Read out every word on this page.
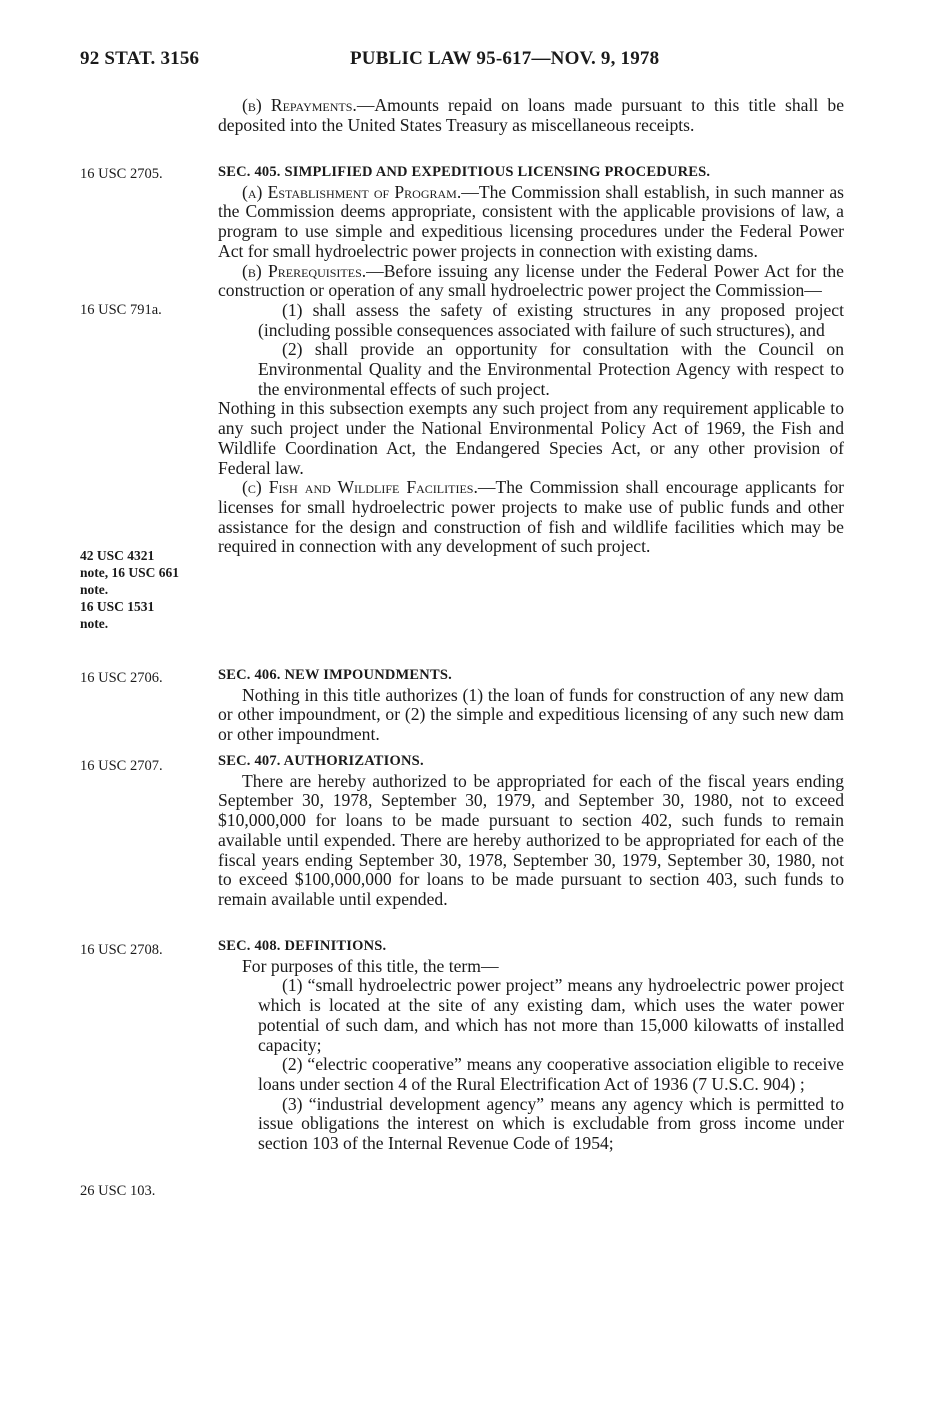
92 STAT. 3156	PUBLIC LAW 95-617—NOV. 9, 1978
16 USC 2705.
16 USC 791a.
42 USC 4321
note, 16 USC 661
note.
16 USC 1531
note.
16 USC 2706.
16 USC 2707.
16 USC 2708.
26 USC 103.

(b) Repayments.—Amounts repaid on loans made pursuant to this title shall be deposited into the United States Treasury as miscellaneous receipts.

SEC. 405. SIMPLIFIED AND EXPEDITIOUS LICENSING PROCEDURES.

(a) Establishment of Program.—The Commission shall establish, in such manner as the Commission deems appropriate, consistent with the applicable provisions of law, a program to use simple and expeditious licensing procedures under the Federal Power Act for small hydroelectric power projects in connection with existing dams.

(b) Prerequisites.—Before issuing any license under the Federal Power Act for the construction or operation of any small hydroelectric power project the Commission—

(1) shall assess the safety of existing structures in any proposed project (including possible consequences associated with failure of such structures), and

(2) shall provide an opportunity for consultation with the Council on Environmental Quality and the Environmental Protection Agency with respect to the environmental effects of such project.

Nothing in this subsection exempts any such project from any requirement applicable to any such project under the National Environmental Policy Act of 1969, the Fish and Wildlife Coordination Act, the Endangered Species Act, or any other provision of Federal law.

(c) Fish and Wildlife Facilities.—The Commission shall encourage applicants for licenses for small hydroelectric power projects to make use of public funds and other assistance for the design and construction of fish and wildlife facilities which may be required in connection with any development of such project.

SEC. 406. NEW IMPOUNDMENTS.

Nothing in this title authorizes (1) the loan of funds for construction of any new dam or other impoundment, or (2) the simple and expeditious licensing of any such new dam or other impoundment.

SEC. 407. AUTHORIZATIONS.

There are hereby authorized to be appropriated for each of the fiscal years ending September 30, 1978, September 30, 1979, and September 30, 1980, not to exceed $10,000,000 for loans to be made pursuant to section 402, such funds to remain available until expended. There are hereby authorized to be appropriated for each of the fiscal years ending September 30, 1978, September 30, 1979, September 30, 1980, not to exceed $100,000,000 for loans to be made pursuant to section 403, such funds to remain available until expended.

SEC. 408. DEFINITIONS.

For purposes of this title, the term—

(1) “small hydroelectric power project” means any hydroelectric power project which is located at the site of any existing dam, which uses the water power potential of such dam, and which has not more than 15,000 kilowatts of installed capacity;

(2) “electric cooperative” means any cooperative association eligible to receive loans under section 4 of the Rural Electrification Act of 1936 (7 U.S.C. 904) ;

(3) “industrial development agency” means any agency which is permitted to issue obligations the interest on which is excludable from gross income under section 103 of the Internal Revenue Code of 1954;
